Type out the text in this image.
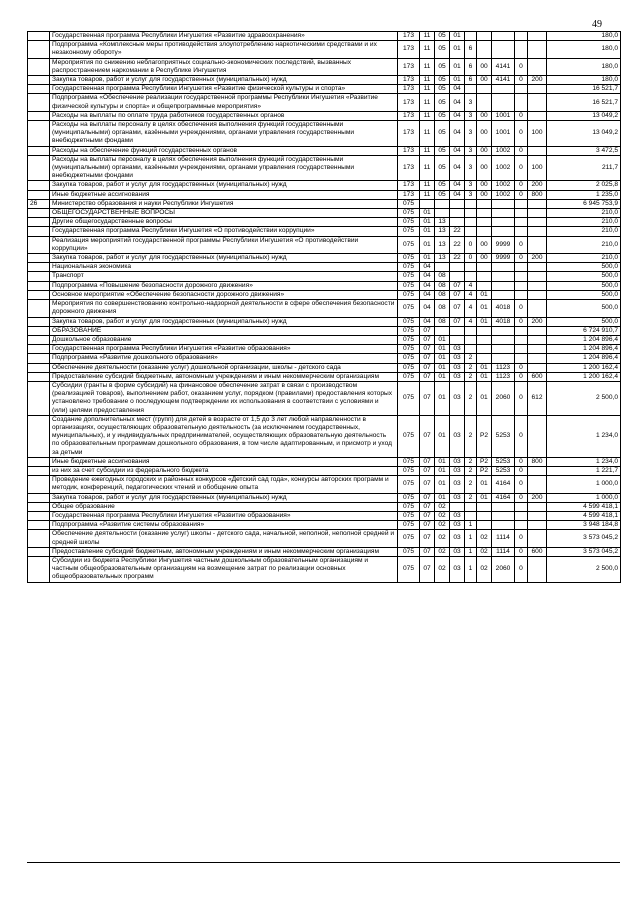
49
	Государственная программа Республики Ингушетия «Развитие здравоохранения»	173	11	05	01						180,0
	Подпрограмма «Комплексные меры противодействия злоупотреблению наркотическими средствами и их незаконному обороту»	173	11	05	01	6					180,0
	Мероприятия по снижению неблагоприятных социально-экономических последствий, вызванных распространением наркомании в Республике Ингушетия	173	11	05	01	6	00	4141	0		180,0
	Закупка товаров, работ и услуг для государственных (муниципальных) нужд	173	11	05	01	6	00	4141	0	200	180,0
	Государственная программа Республики Ингушетия «Развитие физической культуры и спорта»	173	11	05	04						16 521,7
	Подпрограмма «Обеспечение реализации государственной программы Республики Ингушетия «Развитие физической культуры и спорта» и общепрограммные мероприятия»	173	11	05	04	3					16 521,7
	Расходы на выплаты по оплате труда работников государственных органов	173	11	05	04	3	00	1001	0		13 049,2
	Расходы на выплаты персоналу в целях обеспечения выполнения функций государственными (муниципальными) органами, казёнными учреждениями, органами управления государственными внебюджетными фондами	173	11	05	04	3	00	1001	0	100	13 049,2
	Расходы на обеспечение функций государственных органов	173	11	05	04	3	00	1002	0		3 472,5
	Расходы на выплаты персоналу в целях обеспечения выполнения функций государственными (муниципальными) органами, казёнными учреждениями, органами управления государственными внебюджетными фондами	173	11	05	04	3	00	1002	0	100	211,7
	Закупка товаров, работ и услуг для государственных (муниципальных) нужд	173	11	05	04	3	00	1002	0	200	2 025,8
	Иные бюджетные ассигнования	173	11	05	04	3	00	1002	0	800	1 235,0
26	Министерство образования и науки Республики Ингушетия	075									6 945 753,9
	ОБЩЕГОСУДАРСТВЕННЫЕ ВОПРОСЫ	075	01								210,0
	Другие общегосударственные вопросы	075	01	13							210,0
	Государственная программа Республики Ингушетия «О противодействии коррупции»	075	01	13	22						210,0
	Реализация мероприятий государственной программы Республики Ингушетия «О противодействии коррупции»	075	01	13	22	0	00	9999	0		210,0
	Закупка товаров, работ и услуг для государственных (муниципальных) нужд	075	01	13	22	0	00	9999	0	200	210,0
	Национальная экономика	075	04								500,0
	Транспорт	075	04	08							500,0
	Подпрограмма «Повышение безопасности дорожного движения»	075	04	08	07	4					500,0
	Основное мероприятие «Обеспечение безопасности дорожного движения»	075	04	08	07	4	01				500,0
	Мероприятия по совершенствованию контрольно-надзорной деятельности в сфере обеспечения безопасности дорожного движения	075	04	08	07	4	01	4018	0		500,0
	Закупка товаров, работ и услуг для государственных (муниципальных) нужд	075	04	08	07	4	01	4018	0	200	500,0
	ОБРАЗОВАНИЕ	075	07								6 724 910,7
	Дошкольное образование	075	07	01							1 204 896,4
	Государственная программа Республики Ингушетия «Развитие образования»	075	07	01	03						1 204 896,4
	Подпрограмма «Развитие дошкольного образования»	075	07	01	03	2					1 204 896,4
	Обеспечение деятельности (оказание услуг) дошкольной организации, школы - детского сада	075	07	01	03	2	01	1123	0		1 200 162,4
	Предоставление субсидий бюджетным, автономным учреждениям и иным некоммерческим организациям	075	07	01	03	2	01	1123	0	600	1 200 162,4
	Субсидии (гранты в форме субсидий) на финансовое обеспечение затрат в связи с производством (реализацией товаров), выполнением работ, оказанием услуг, порядком (правилами) предоставления которых установлено требование о последующем подтверждении их использования в соответствии с условиями и (или) целями предоставления	075	07	01	03	2	01	2060	0	612	2 500,0
	Создание дополнительных мест (групп) для детей в возрасте от 1,5 до 3 лет любой направленности в организациях, осуществляющих образовательную деятельность (за исключением государственных, муниципальных), и у индивидуальных предпринимателей, осуществляющих образовательную деятельность по образовательным программам дошкольного образования, в том числе адаптированным, и присмотр и уход за детьми	075	07	01	03	2	P2	5253	0		1 234,0
	Иные бюджетные ассигнования	075	07	01	03	2	P2	5253	0	800	1 234,0
	из них за счет субсидии из федерального бюджета	075	07	01	03	2	P2	5253	0		1 221,7
	Проведение ежегодных городских и районных конкурсов «Детский сад года», конкурсы авторских программ и методик, конференций, педагогических чтений и обобщение опыта	075	07	01	03	2	01	4164	0		1 000,0
	Закупка товаров, работ и услуг для государственных (муниципальных) нужд	075	07	01	03	2	01	4164	0	200	1 000,0
	Общее образование	075	07	02							4 599 418,1
	Государственная программа Республики Ингушетия «Развитие образования»	075	07	02	03						4 599 418,1
	Подпрограмма «Развитие системы образования»	075	07	02	03	1					3 948 184,8
	Обеспечение деятельности (оказание услуг) школы - детского сада, начальной, неполной, неполной средней и средней школы	075	07	02	03	1	02	1114	0		3 573 045,2
	Предоставление субсидий бюджетным, автономным учреждениям и иным некоммерческим организациям	075	07	02	03	1	02	1114	0	600	3 573 045,2
	Субсидии из бюджета Республики Ингушетия частным дошкольным образовательным организациям и частным общеобразовательным организациям на возмещение затрат по реализации основных общеобразовательных программ	075	07	02	03	1	02	2060	0		2 500,0
